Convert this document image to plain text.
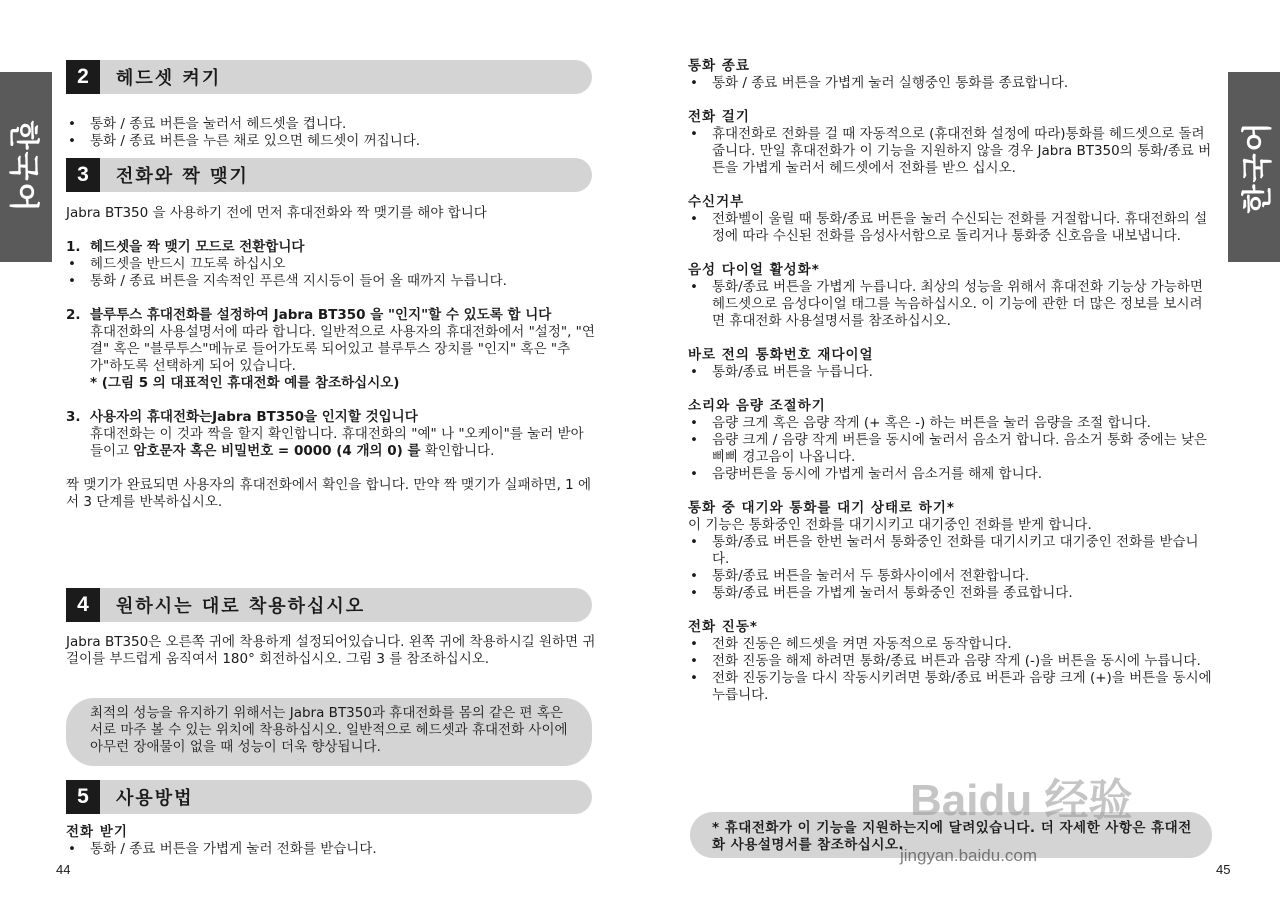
한국어
2	헤드셋 켜기

• 통화 / 종료 버튼을 눌러서 헤드셋을 켭니다.

• 통화 / 종료 버튼을 누른 채로 있으면 헤드셋이 꺼집니다.

3	전화와 짝 맺기

Jabra BT350 을 사용하기 전에 먼저 휴대전화와 짝 맺기를 해야 합니다

1. 헤드셋을 짝 맺기 모드로 전환합니다

• 헤드셋을 반드시 끄도록 하십시오

• 통화 / 종료 버튼을 지속적인 푸른색 지시등이 들어 올 때까지 누릅니다.

2. 블루투스 휴대전화를 설정하여 Jabra BT350 을 "인지"할 수 있도록 합 니다

휴대전화의 사용설명서에 따라 합니다. 일반적으로 사용자의 휴대전화에서 "설정", "연결" 혹은 "블루투스"메뉴로 들어가도록 되어있고 블루투스 장치를 "인지" 혹은 "추가"하도록 선택하게 되어 있습니다.

* (그림 5 의 대표적인 휴대전화 예를 참조하십시오)

3. 사용자의 휴대전화는Jabra BT350을 인지할 것입니다

휴대전화는 이 것과 짝을 할지 확인합니다. 휴대전화의 "예" 나 "오케이"를 눌러 받아들이고 암호문자 혹은 비밀번호 = 0000 (4 개의 0) 를 확인합니다.

짝 맺기가 완료되면 사용자의 휴대전화에서 확인을 합니다. 만약 짝 맺기가 실패하면, 1 에서 3 단계를 반복하십시오.

4	원하시는 대로 착용하십시오

Jabra BT350은 오른쪽 귀에 착용하게 설정되어있습니다. 왼쪽 귀에 착용하시길 원하면 귀걸이를 부드럽게 움직여서 180° 회전하십시오. 그림 3 를 참조하십시오.

최적의 성능을 유지하기 위해서는 Jabra BT350과 휴대전화를 몸의 같은 편 혹은 서로 마주 볼 수 있는 위치에 착용하십시오. 일반적으로 헤드셋과 휴대전화 사이에 아무런 장애물이 없을 때 성능이 더욱 향상됩니다.

5	사용방법

전화 받기

• 통화 / 종료 버튼을 가볍게 눌러 전화를 받습니다.

44
한국어

통화 종료

• 통화 / 종료 버튼을 가볍게 눌러 실행중인 통화를 종료합니다.

전화 걸기

• 휴대전화로 전화를 걸 때 자동적으로 (휴대전화 설정에 따라)통화를 헤드셋으로 돌려줍니다. 만일 휴대전화가 이 기능을 지원하지 않을 경우 Jabra BT350의 통화/종료 버튼을 가볍게 눌러서 헤드셋에서 전화를 받으 십시오.

수신거부

• 전화벨이 울릴 때 통화/종료 버튼을 눌러 수신되는 전화를 거절합니다. 휴대전화의 설정에 따라 수신된 전화를 음성사서함으로 돌리거나 통화중 신호음을 내보냅니다.

음성 다이얼 활성화*

• 통화/종료 버튼을 가볍게 누릅니다. 최상의 성능을 위해서 휴대전화 기능상 가능하면 헤드셋으로 음성다이얼 태그를 녹음하십시오. 이 기능에 관한 더 많은 정보를 보시려면 휴대전화 사용설명서를 참조하십시오.

바로 전의 통화번호 재다이얼

• 통화/종료 버튼을 누릅니다.

소리와 음량 조절하기

• 음량 크게 혹은 음량 작게 (+ 혹은 -) 하는 버튼을 눌러 음량을 조절 합니다.

• 음량 크게 / 음량 작게 버튼을 동시에 눌러서 음소거 합니다. 음소거 통화 중에는 낮은 삐삐 경고음이 나옵니다.

• 음량버튼을 동시에 가볍게 눌러서 음소거를 해제 합니다.

통화 중 대기와 통화를 대기 상태로 하기*

이 기능은 통화중인 전화를 대기시키고 대기중인 전화를 받게 합니다.

• 통화/종료 버튼을 한번 눌러서 통화중인 전화를 대기시키고 대기중인 전화를 받습니다.

• 통화/종료 버튼을 눌러서 두 통화사이에서 전환합니다.

• 통화/종료 버튼을 가볍게 눌러서 통화중인 전화를 종료합니다.

전화 진동*

• 전화 진동은 헤드셋을 켜면 자동적으로 동작합니다.

• 전화 진동을 해제 하려면 통화/종료 버튼과 음량 작게 (-)을 버튼을 동시에 누릅니다.

• 전화 진동기능을 다시 작동시키려면 통화/종료 버튼과 음량 크게 (+)을 버튼을 동시에 누릅니다.

* 휴대전화가 이 기능을 지원하는지에 달려있습니다. 더 자세한 사항은 휴대전화 사용설명서를 참조하십시오.

45
Baidu 经验
jingyan.baidu.com
